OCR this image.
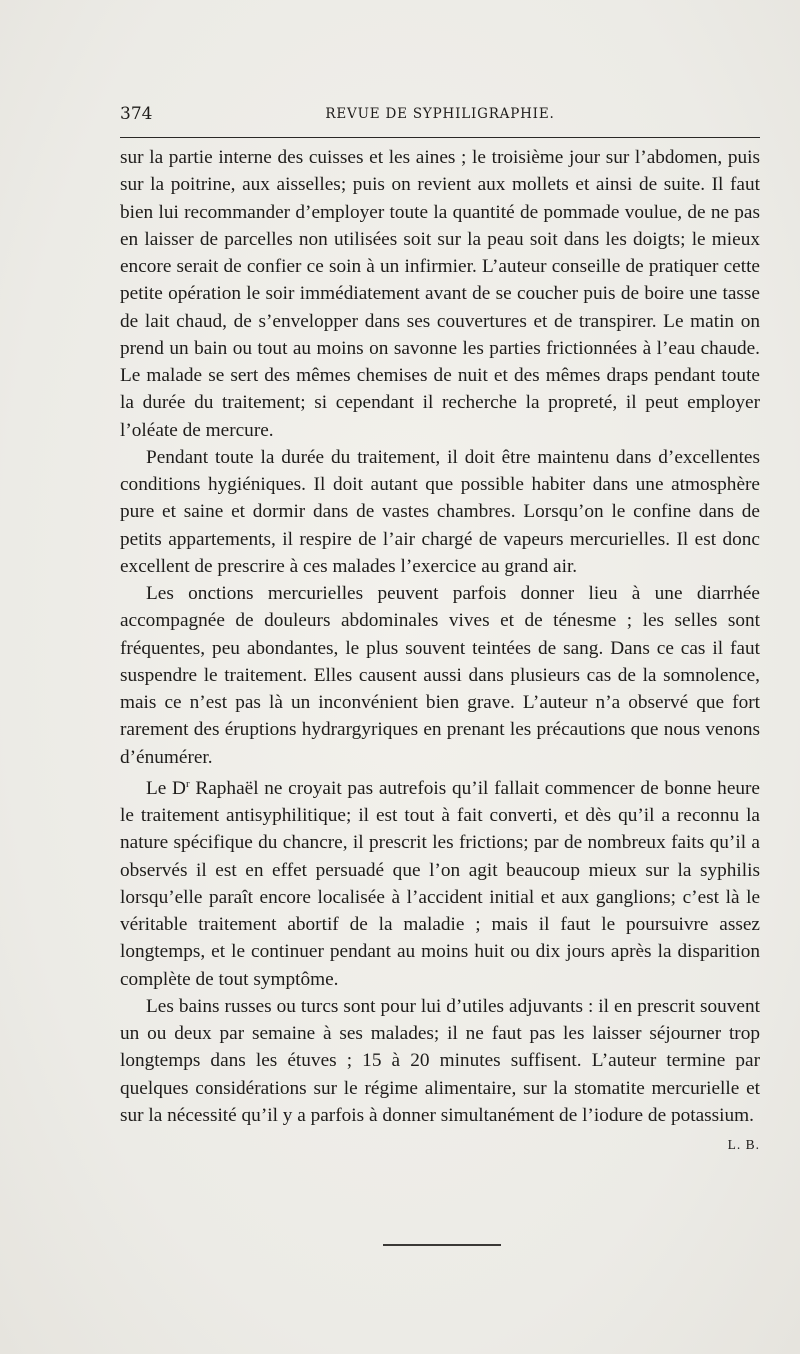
374	REVUE DE SYPHILIGRAPHIE.

sur la partie interne des cuisses et les aines ; le troisième jour sur l’abdomen, puis sur la poitrine, aux aisselles; puis on revient aux mollets et ainsi de suite. Il faut bien lui recommander d’employer toute la quantité de pommade voulue, de ne pas en laisser de parcelles non utilisées soit sur la peau soit dans les doigts; le mieux encore serait de confier ce soin à un infirmier. L’auteur conseille de pratiquer cette petite opération le soir immédiatement avant de se coucher puis de boire une tasse de lait chaud, de s’envelopper dans ses couvertures et de transpirer. Le matin on prend un bain ou tout au moins on savonne les parties frictionnées à l’eau chaude. Le malade se sert des mêmes chemises de nuit et des mêmes draps pendant toute la durée du traitement; si cependant il recherche la propreté, il peut employer l’oléate de mercure.

Pendant toute la durée du traitement, il doit être maintenu dans d’excellentes conditions hygiéniques. Il doit autant que possible habiter dans une atmosphère pure et saine et dormir dans de vastes chambres. Lorsqu’on le confine dans de petits appartements, il respire de l’air chargé de vapeurs mercurielles. Il est donc excellent de prescrire à ces malades l’exercice au grand air.

Les onctions mercurielles peuvent parfois donner lieu à une diarrhée accompagnée de douleurs abdominales vives et de ténesme ; les selles sont fréquentes, peu abondantes, le plus souvent teintées de sang. Dans ce cas il faut suspendre le traitement. Elles causent aussi dans plusieurs cas de la somnolence, mais ce n’est pas là un inconvénient bien grave. L’auteur n’a observé que fort rarement des éruptions hydrargyriques en prenant les précautions que nous venons d’énumérer.

Le $D^r$ Raphaël ne croyait pas autrefois qu’il fallait commencer de bonne heure le traitement antisyphilitique; il est tout à fait converti, et dès qu’il a reconnu la nature spécifique du chancre, il prescrit les frictions; par de nombreux faits qu’il a observés il est en effet persuadé que l’on agit beaucoup mieux sur la syphilis lorsqu’elle paraît encore localisée à l’accident initial et aux ganglions; c’est là le véritable traitement abortif de la maladie ; mais il faut le poursuivre assez longtemps, et le continuer pendant au moins huit ou dix jours après la disparition complète de tout symptôme.

Les bains russes ou turcs sont pour lui d’utiles adjuvants : il en prescrit souvent un ou deux par semaine à ses malades; il ne faut pas les laisser séjourner trop longtemps dans les étuves ; 15 à 20 minutes suffisent. L’auteur termine par quelques considérations sur le régime alimentaire, sur la stomatite mercurielle et sur la nécessité qu’il y a parfois à donner simultanément de l’iodure de potassium.
L. B.
